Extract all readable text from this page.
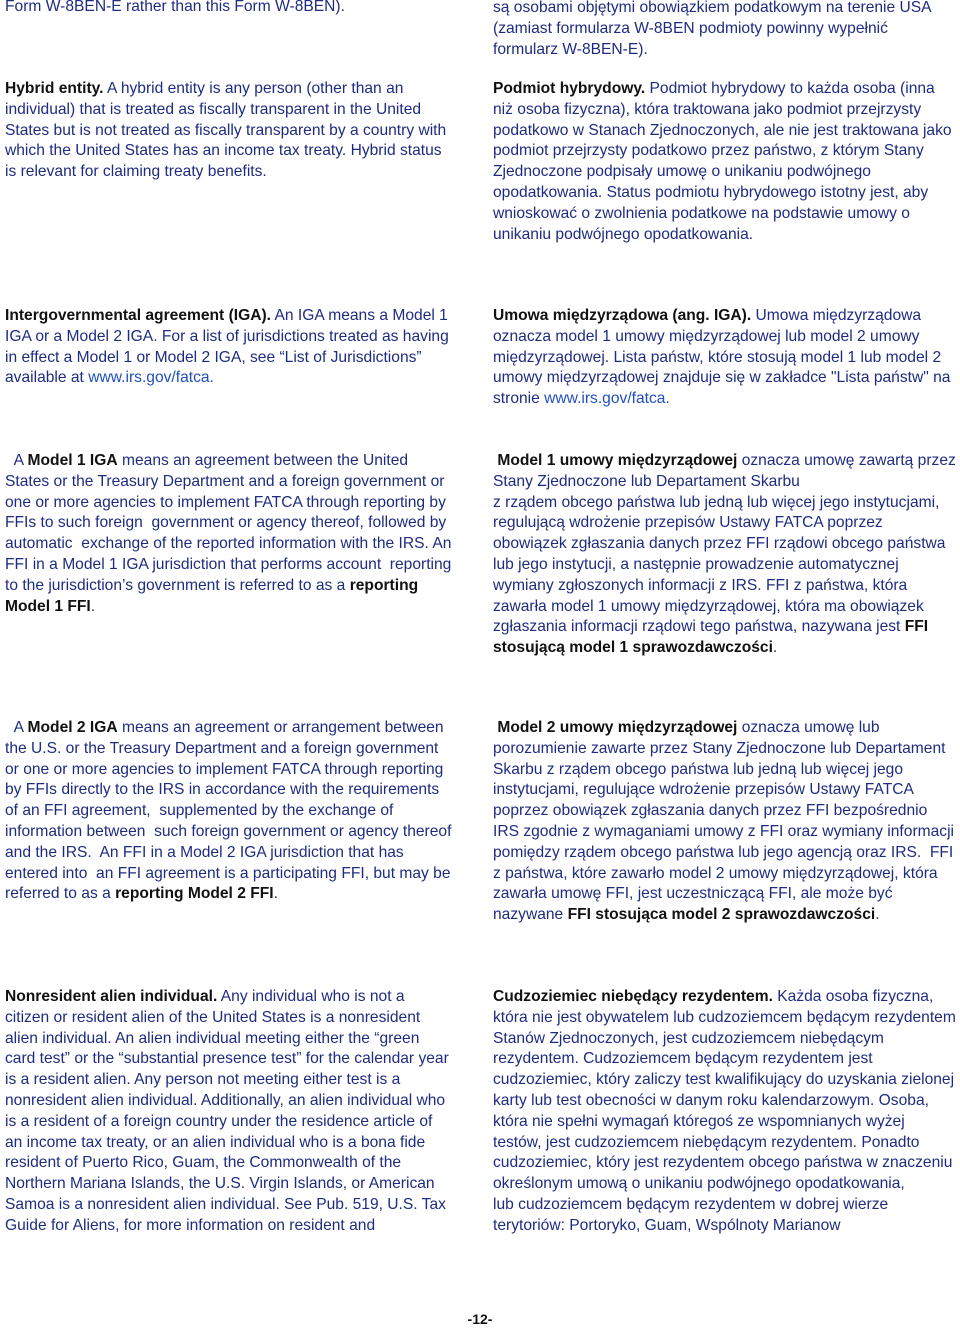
Form W-8BEN-E rather than this Form W-8BEN).

Hybrid entity. A hybrid entity is any person (other than an individual) that is treated as fiscally transparent in the United States but is not treated as fiscally transparent by a country with which the United States has an income tax treaty. Hybrid status is relevant for claiming treaty benefits.

Intergovernmental agreement (IGA). An IGA means a Model 1 IGA or a Model 2 IGA. For a list of jurisdictions treated as having in effect a Model 1 or Model 2 IGA, see “List of Jurisdictions” available at www.irs.gov/fatca.

A Model 1 IGA means an agreement between the United States or the Treasury Department and a foreign government or one or more agencies to implement FATCA through reporting by FFIs to such foreign  government or agency thereof, followed by automatic  exchange of the reported information with the IRS. An FFI in a Model 1 IGA jurisdiction that performs account  reporting to the jurisdiction’s government is referred to as a reporting Model 1 FFI.

A Model 2 IGA means an agreement or arrangement between the U.S. or the Treasury Department and a foreign government or one or more agencies to implement FATCA through reporting by FFIs directly to the IRS in accordance with the requirements of an FFI agreement,  supplemented by the exchange of information between  such foreign government or agency thereof and the IRS.  An FFI in a Model 2 IGA jurisdiction that has entered into  an FFI agreement is a participating FFI, but may be referred to as a reporting Model 2 FFI.

Nonresident alien individual. Any individual who is not a citizen or resident alien of the United States is a nonresident alien individual. An alien individual meeting either the “green card test” or the “substantial presence test” for the calendar year is a resident alien. Any person not meeting either test is a nonresident alien individual. Additionally, an alien individual who is a resident of a foreign country under the residence article of an income tax treaty, or an alien individual who is a bona fide resident of Puerto Rico, Guam, the Commonwealth of the Northern Mariana Islands, the U.S. Virgin Islands, or American Samoa is a nonresident alien individual. See Pub. 519, U.S. Tax Guide for Aliens, for more information on resident and

są osobami objętymi obowiązkiem podatkowym na terenie USA (zamiast formularza W-8BEN podmioty powinny wypełnić formularz W-8BEN-E).

Podmiot hybrydowy. Podmiot hybrydowy to każda osoba (inna niż osoba fizyczna), która traktowana jako podmiot przejrzysty podatkowo w Stanach Zjednoczonych, ale nie jest traktowana jako podmiot przejrzysty podatkowo przez państwo, z którym Stany Zjednoczone podpisały umowę o unikaniu podwójnego opodatkowania. Status podmiotu hybrydowego istotny jest, aby wnioskować o zwolnienia podatkowe na podstawie umowy o unikaniu podwójnego opodatkowania.

Umowa międzyrządowa (ang. IGA). Umowa międzyrządowa oznacza model 1 umowy międzyrządowej lub model 2 umowy międzyrządowej. Lista państw, które stosują model 1 lub model 2 umowy międzyrządowej znajduje się w zakładce "Lista państw" na stronie www.irs.gov/fatca.

Model 1 umowy międzyrządowej oznacza umowę zawartą przez Stany Zjednoczone lub Departament Skarbu
z rządem obcego państwa lub jedną lub więcej jego instytucjami, regulującą wdrożenie przepisów Ustawy FATCA poprzez obowiązek zgłaszania danych przez FFI rządowi obcego państwa lub jego instytucji, a następnie prowadzenie automatycznej wymiany zgłoszonych informacji z IRS. FFI z państwa, która zawarła model 1 umowy międzyrządowej, która ma obowiązek zgłaszania informacji rządowi tego państwa, nazywana jest FFI stosującą model 1 sprawozdawczości.

Model 2 umowy międzyrządowej oznacza umowę lub porozumienie zawarte przez Stany Zjednoczone lub Departament Skarbu z rządem obcego państwa lub jedną lub więcej jego instytucjami, regulujące wdrożenie przepisów Ustawy FATCA poprzez obowiązek zgłaszania danych przez FFI bezpośrednio IRS zgodnie z wymaganiami umowy z FFI oraz wymiany informacji pomiędzy rządem obcego państwa lub jego agencją oraz IRS.  FFI z państwa, które zawarło model 2 umowy międzyrządowej, która zawarła umowę FFI, jest uczestniczącą FFI, ale może być nazywane FFI stosująca model 2 sprawozdawczości.

Cudzoziemiec niebędący rezydentem. Każda osoba fizyczna, która nie jest obywatelem lub cudzoziemcem będącym rezydentem Stanów Zjednoczonych, jest cudzoziemcem niebędącym rezydentem. Cudzoziemcem będącym rezydentem jest cudzoziemiec, który zaliczy test kwalifikujący do uzyskania zielonej karty lub test obecności w danym roku kalendarzowym. Osoba, która nie spełni wymagań któregoś ze wspomnianych wyżej testów, jest cudzoziemcem niebędącym rezydentem. Ponadto cudzoziemiec, który jest rezydentem obcego państwa w znaczeniu określonym umową o unikaniu podwójnego opodatkowania,
lub cudzoziemcem będącym rezydentem w dobrej wierze terytoriów: Portoryko, Guam, Wspólnoty Marianow

-12-
